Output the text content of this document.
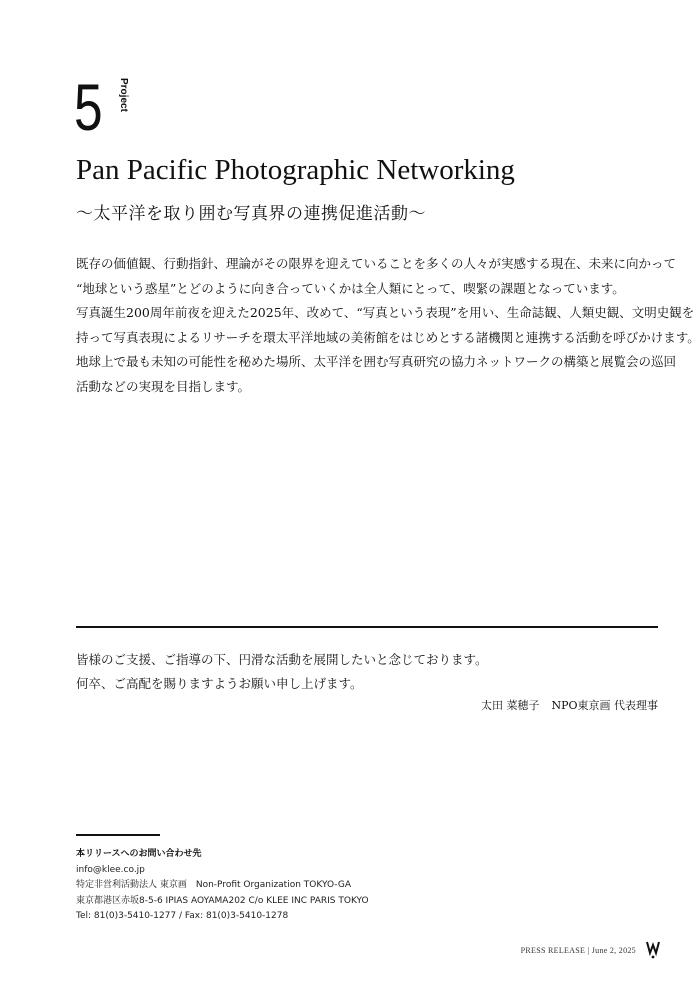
5 Project
Pan Pacific Photographic Networking
〜太平洋を取り囲む写真界の連携促進活動〜

既存の価値観、行動指針、理論がその限界を迎えていることを多くの人々が実感する現在、未来に向かって

“地球という惑星”とどのように向き合っていくかは全人類にとって、喫緊の課題となっています。

写真誕生200周年前夜を迎えた2025年、改めて、“写真という表現”を用い、生命誌観、人類史観、文明史観を

持って写真表現によるリサーチを環太平洋地域の美術館をはじめとする諸機関と連携する活動を呼びかけます。

地球上で最も未知の可能性を秘めた場所、太平洋を囲む写真研究の協力ネットワークの構築と展覧会の巡回

活動などの実現を目指します。

皆様のご支援、ご指導の下、円滑な活動を展開したいと念じております。

何卒、ご高配を賜りますようお願い申し上げます。

太田 菜穂子 NPO東京画 代表理事
本リリースへのお問い合わせ先
info@klee.co.jp
特定非営利活動法人 東京画　Non-Profit Organization TOKYO-GA
東京都港区赤坂8-5-6 IPIAS AOYAMA202 C/o KLEE INC PARIS TOKYO
Tel: 81(0)3-5410-1277 / Fax: 81(0)3-5410-1278
PRESS RELEASE | June 2, 2025
